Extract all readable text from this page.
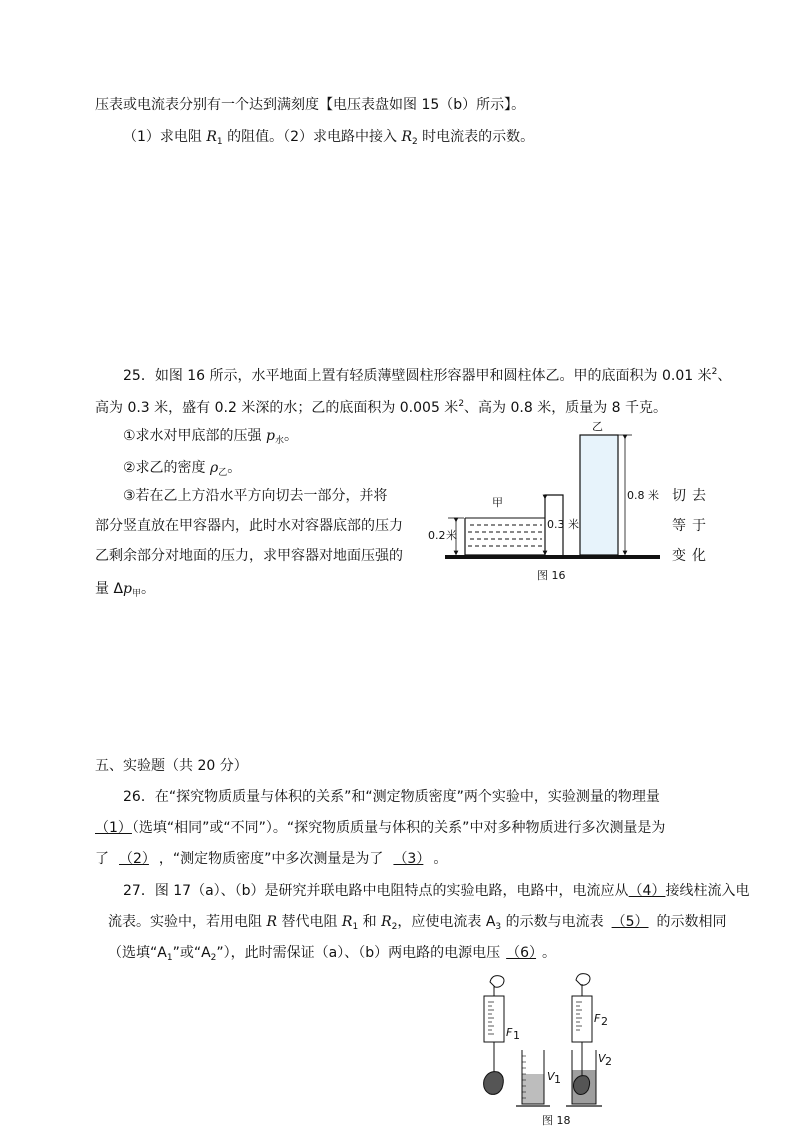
压表或电流表分别有一个达到满刻度【电压表盘如图 15（b）所示】。
（1）求电阻 $R_1$ 的阻值。（2）求电路中接入 $R_2$ 时电流表的示数。
25．如图 16 所示，水平地面上置有轻质薄壁圆柱形容器甲和圆柱体乙。甲的底面积为 0.01 米$^2$、
高为 0.3 米，盛有 0.2 米深的水；乙的底面积为 0.005 米$^2$、高为 0.8 米，质量为 8 千克。
①求水对甲底部的压强 $p_水$。
②求乙的密度 $\rho_乙$。
③若在乙上方沿水平方向切去一部分，并将
部分竖直放在甲容器内，此时水对容器底部的压力
乙剩余部分对地面的压力，求甲容器对地面压强的
量 $\Delta p_甲$。
切 去
等 于
变 化
甲
乙
0.2 米
0.3 米
0.8 米
图 16
五、实验题（共 20 分）
26．在“探究物质质量与体积的关系”和“测定物质密度”两个实验中，实验测量的物理量
（1）（选填“相同”或“不同”）。“探究物质质量与体积的关系”中对多种物质进行多次测量是为
了 （2） ，“测定物质密度”中多次测量是为了 （3） 。
27．图 17（a）、（b）是研究并联电路中电阻特点的实验电路，电路中，电流应从（4）接线柱流入电
流表。实验中，若用电阻 R 替代电阻 $R_1$ 和 $R_2$，应使电流表 $A_3$ 的示数与电流表 （5） 的示数相同
（选填“$A_1$”或“$A_2$”），此时需保证（a）、（b）两电路的电源电压 （6） 。
F 1
V 1
F 2
V 2
图 18
